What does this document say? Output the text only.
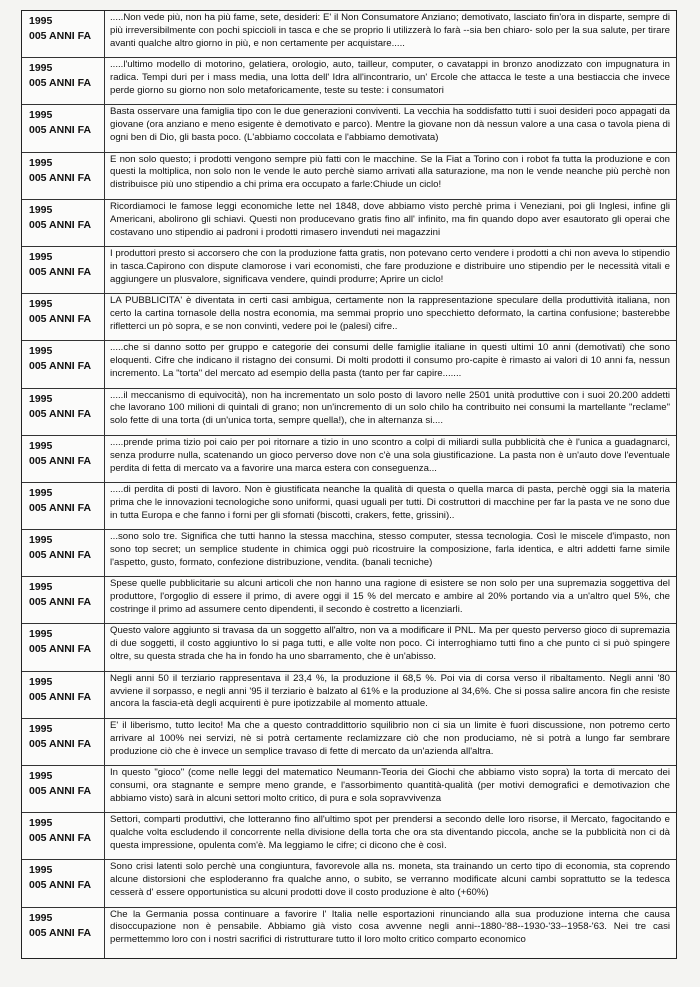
1995
005 ANNI FA

.....Non vede più, non ha più fame, sete, desideri: E' il Non Consumatore Anziano; demotivato, lasciato fin'ora in disparte, sempre di più irreversibilmente con pochi spiccioli in tasca e che se proprio li utilizzerà lo farà --sia ben chiaro- solo per la sua salute, per tirare avanti qualche altro giorno in più, e non certamente per acquistare.....

1995
005 ANNI FA

.....l'ultimo modello di motorino, gelatiera, orologio, auto, tailleur, computer, o cavatappi in bronzo anodizzato con impugnatura in radica. Tempi duri per i mass media, una lotta dell' Idra all'incontrario, un' Ercole che attacca le teste a una bestiaccia che invece perde giorno su giorno non solo metaforicamente, teste su teste: i consumatori

1995
005 ANNI FA

Basta osservare una famiglia tipo con le due generazioni conviventi. La vecchia ha soddisfatto tutti i suoi desideri poco appagati da giovane (ora anziano e meno esigente è demotivato e parco). Mentre la giovane non dà nessun valore a una casa o tavola piena di ogni ben di Dio, gli basta poco. (L'abbiamo coccolata e l'abbiamo demotivata)

1995
005 ANNI FA

E non solo questo; i prodotti vengono sempre più fatti con le macchine. Se la Fiat a Torino con i robot fa tutta la produzione e con questi la moltiplica, non solo non le vende le auto perchè siamo arrivati alla saturazione, ma non le vende neanche più perchè non distribuisce più uno stipendio a chi prima era occupato a farle:Chiude un ciclo!

1995
005 ANNI FA

Ricordiamoci le famose leggi economiche lette nel 1848, dove abbiamo visto perchè prima i Veneziani, poi gli Inglesi, infine gli Americani, abolirono gli schiavi. Questi non producevano gratis fino all' infinito, ma fin quando dopo aver esautorato gli operai che costavano uno stipendio ai padroni i prodotti rimasero invenduti nei magazzini

1995
005 ANNI FA

I produttori presto si accorsero che con la produzione fatta gratis, non potevano certo vendere i prodotti a chi non aveva lo stipendio in tasca.Capirono con dispute clamorose i vari economisti, che fare produzione e distribuire uno stipendio per le necessità vitali e aggiungere un plusvalore, significava vendere, quindi produrre; Aprire un ciclo!

1995
005 ANNI FA

LA PUBBLICITA' è diventata in certi casi ambigua, certamente non la rappresentazione speculare della produttività italiana, non certo la cartina tornasole della nostra economia, ma semmai proprio uno specchietto deformato, la cartina confusione; basterebbe rifletterci un pò sopra, e se non convinti, vedere poi le (palesi) cifre..

1995
005 ANNI FA

.....che si danno sotto per gruppo e categorie dei consumi delle famiglie italiane in questi ultimi 10 anni (demotivati) che sono eloquenti. Cifre che indicano il ristagno dei consumi. Di molti prodotti il consumo pro-capite è rimasto ai valori di 10 anni fa, nessun incremento. La "torta" del mercato ad esempio della pasta (tanto per far capire.......

1995
005 ANNI FA

.....il meccanismo di equivocità), non ha incrementato un solo posto di lavoro nelle 2501 unità produttive con i suoi 20.200 addetti che lavorano 100 milioni di quintali di grano; non un'incremento di un solo chilo ha contribuito nei consumi la martellante "reclame" solo fette di una torta (di un'unica torta, sempre quella!), che in alternanza si....

1995
005 ANNI FA

.....prende prima tizio poi caio per poi ritornare a tizio in uno scontro a colpi di miliardi sulla pubblicità che è l'unica a guadagnarci, senza produrre nulla, scatenando un gioco perverso dove non c'è una sola giustificazione. La pasta non è un'auto dove l'eventuale perdita di fetta di mercato va a favorire una marca estera con conseguenza...

1995
005 ANNI FA

.....di perdita di posti di lavoro. Non è giustificata neanche la qualità di questa o quella marca di pasta, perchè oggi sia la materia prima che le innovazioni tecnologiche sono uniformi, quasi uguali per tutti. Di costruttori di macchine per far la pasta ve ne sono due in tutta Europa e che fanno i forni per gli sfornati (biscotti, crakers, fette, grissini)..

1995
005 ANNI FA

...sono solo tre. Significa che tutti hanno la stessa macchina, stesso computer, stessa tecnologia. Così le miscele d'impasto, non sono top secret; un semplice studente in chimica oggi può ricostruire la composizione, farla identica, e altri addetti farne simile l'aspetto, gusto, formato, confezione distribuzione, vendita. (banali tecniche)

1995
005 ANNI FA

Spese quelle pubblicitarie su alcuni articoli che non hanno una ragione di esistere se non solo per una supremazia soggettiva del produttore, l'orgoglio di essere il primo, di avere oggi il 15 % del mercato e ambire al 20% portando via a un'altro quel 5%, che costringe il primo ad assumere cento dipendenti, il secondo è costretto a licenziarli.

1995
005 ANNI FA

Questo valore aggiunto si travasa da un soggetto all'altro, non va a modificare il PNL. Ma per questo perverso gioco di supremazia di due soggetti, il costo aggiuntivo lo si paga tutti, e alle volte non poco. Ci interroghiamo tutti fino a che punto ci si può spingere oltre, su questa strada che ha in fondo ha uno sbarramento, che è un'abisso.

1995
005 ANNI FA

Negli anni 50 il terziario rappresentava il 23,4 %, la produzione il 68,5 %. Poi via di corsa verso il ribaltamento. Negli anni '80 avviene il sorpasso, e negli anni '95 il terziario è balzato al 61% e la produzione al 34,6%. Che si possa salire ancora fin che resiste ancora la fascia-età degli acquirenti è pure ipotizzabile al momento attuale.

1995
005 ANNI FA

E' il liberismo, tutto lecito! Ma che a questo contraddittorio squilibrio non ci sia un limite è fuori discussione, non potremo certo arrivare al 100% nei servizi, nè si potrà certamente reclamizzare ciò che non produciamo, nè si potrà a lungo far sembrare produzione ciò che è invece un semplice travaso di fette di mercato da un'azienda all'altra.

1995
005 ANNI FA

In questo "gioco" (come nelle leggi del matematico Neumann-Teoria dei Giochi che abbiamo visto sopra) la torta di mercato dei consumi, ora stagnante e sempre meno grande, e l'assorbimento quantità-qualità (per motivi demografici e demotivazion che abbiamo visto) sarà in alcuni settori molto critico, di pura e sola sopravvivenza

1995
005 ANNI FA

Settori, comparti produttivi, che lotteranno fino all'ultimo spot per prendersi a secondo delle loro risorse, il Mercato, fagocitando e qualche volta escludendo il concorrente nella divisione della torta che ora sta diventando piccola, anche se la pubblicità non ci dà questa impressione, opulenta com'è. Ma leggiamo le cifre; ci dicono che è così.

1995
005 ANNI FA

Sono crisi latenti solo perchè una congiuntura, favorevole alla ns. moneta, sta trainando un certo tipo di economia, sta coprendo alcune distorsioni che esploderanno fra qualche anno, o subito, se verranno modificate alcuni cambi soprattutto se la tedesca cesserà d' essere opportunistica su alcuni prodotti dove il costo produzione è alto (+60%)

1995
005 ANNI FA

Che la Germania possa continuare a favorire l' Italia nelle esportazioni rinunciando alla sua produzione interna che causa disoccupazione non è pensabile. Abbiamo già visto cosa avvenne negli anni--1880-'88--1930-'33--1958-'63. Nei tre casi permettemmo loro con i nostri sacrifici di ristrutturare tutto il loro molto critico comparto economico
